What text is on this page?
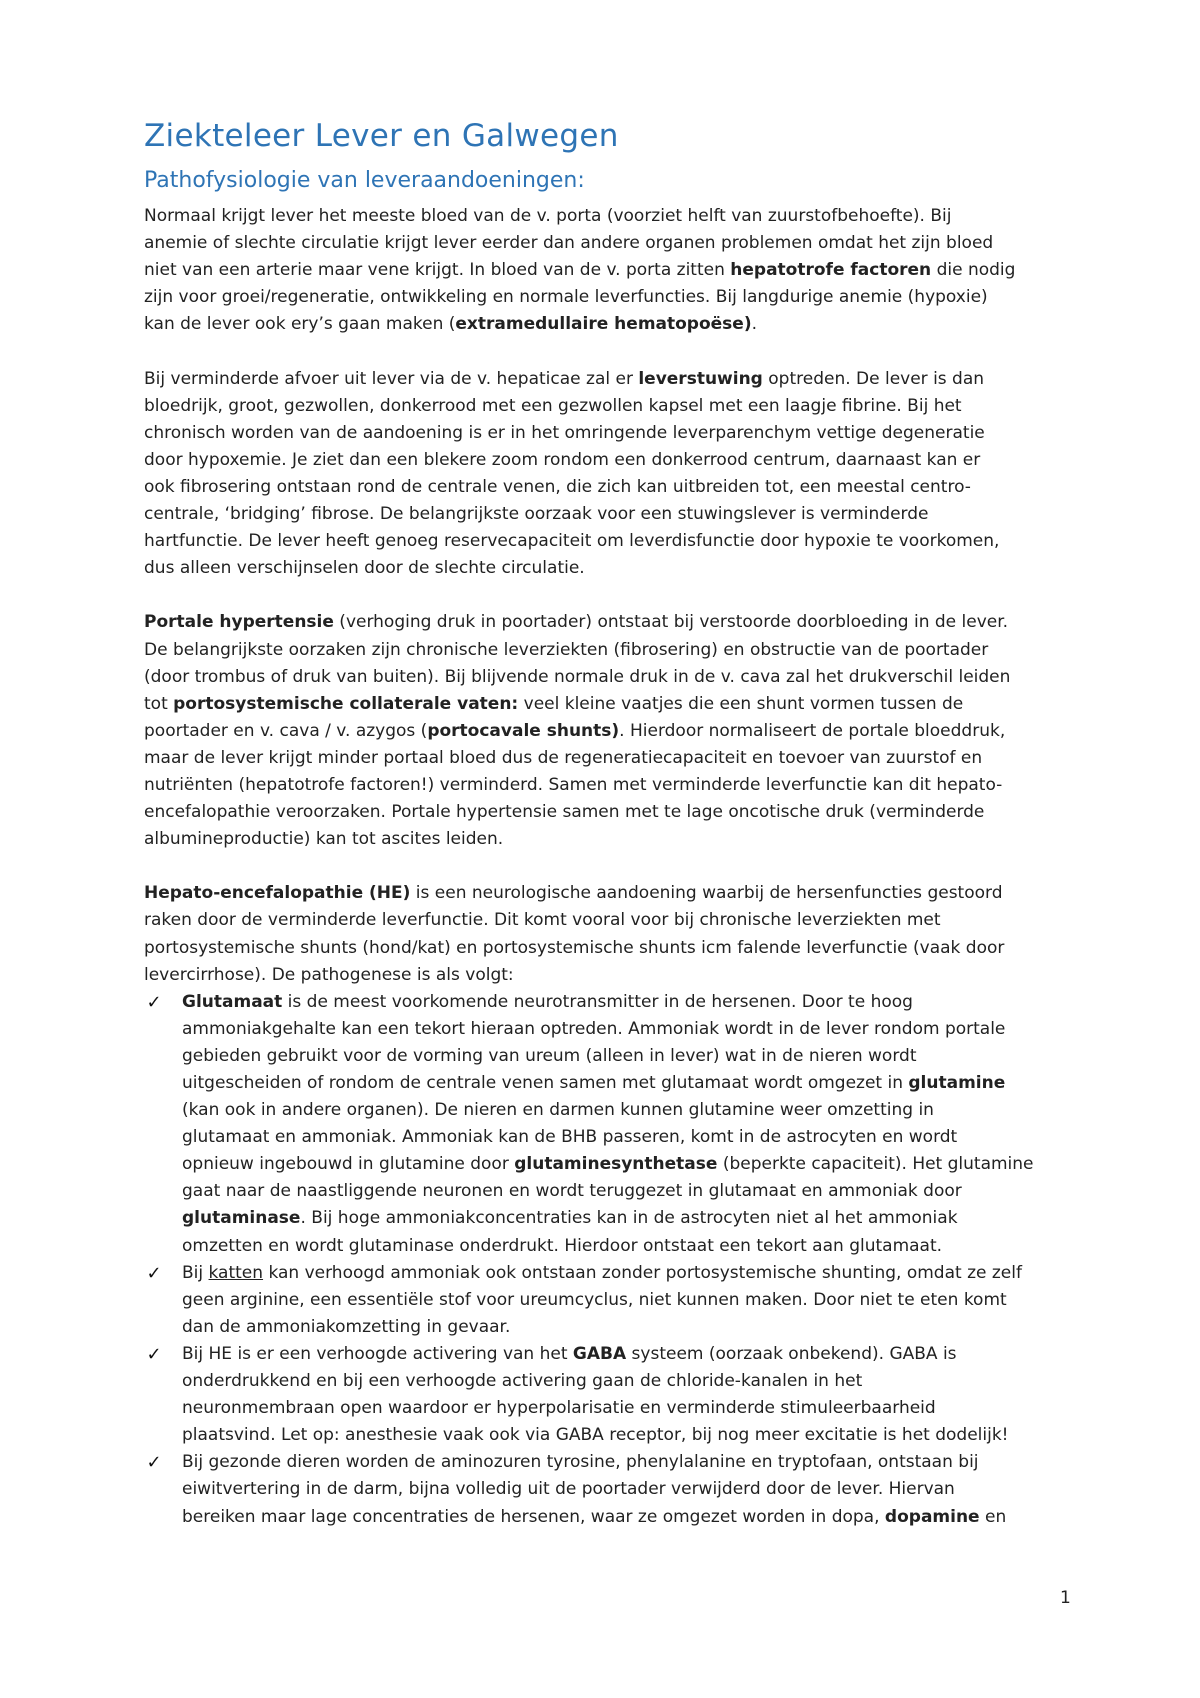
Ziekteleer Lever en Galwegen
Pathofysiologie van leveraandoeningen:

Normaal krijgt lever het meeste bloed van de v. porta (voorziet helft van zuurstofbehoefte). Bij
anemie of slechte circulatie krijgt lever eerder dan andere organen problemen omdat het zijn bloed
niet van een arterie maar vene krijgt. In bloed van de v. porta zitten hepatotrofe factoren die nodig
zijn voor groei/regeneratie, ontwikkeling en normale leverfuncties. Bij langdurige anemie (hypoxie)
kan de lever ook ery’s gaan maken (extramedullaire hematopoëse).

Bij verminderde afvoer uit lever via de v. hepaticae zal er leverstuwing optreden. De lever is dan
bloedrijk, groot, gezwollen, donkerrood met een gezwollen kapsel met een laagje fibrine. Bij het
chronisch worden van de aandoening is er in het omringende leverparenchym vettige degeneratie
door hypoxemie. Je ziet dan een blekere zoom rondom een donkerrood centrum, daarnaast kan er
ook fibrosering ontstaan rond de centrale venen, die zich kan uitbreiden tot, een meestal centro-
centrale, ‘bridging’ fibrose. De belangrijkste oorzaak voor een stuwingslever is verminderde
hartfunctie. De lever heeft genoeg reservecapaciteit om leverdisfunctie door hypoxie te voorkomen,
dus alleen verschijnselen door de slechte circulatie.

Portale hypertensie (verhoging druk in poortader) ontstaat bij verstoorde doorbloeding in de lever.
De belangrijkste oorzaken zijn chronische leverziekten (fibrosering) en obstructie van de poortader
(door trombus of druk van buiten). Bij blijvende normale druk in de v. cava zal het drukverschil leiden
tot portosystemische collaterale vaten: veel kleine vaatjes die een shunt vormen tussen de
poortader en v. cava / v. azygos (portocavale shunts). Hierdoor normaliseert de portale bloeddruk,
maar de lever krijgt minder portaal bloed dus de regeneratiecapaciteit en toevoer van zuurstof en
nutriënten (hepatotrofe factoren!) verminderd. Samen met verminderde leverfunctie kan dit hepato-
encefalopathie veroorzaken. Portale hypertensie samen met te lage oncotische druk (verminderde
albumineproductie) kan tot ascites leiden.

Hepato-encefalopathie (HE) is een neurologische aandoening waarbij de hersenfuncties gestoord
raken door de verminderde leverfunctie. Dit komt vooral voor bij chronische leverziekten met
portosystemische shunts (hond/kat) en portosystemische shunts icm falende leverfunctie (vaak door
levercirrhose). De pathogenese is als volgt:

✓ Glutamaat is de meest voorkomende neurotransmitter in de hersenen. Door te hoog
ammoniakgehalte kan een tekort hieraan optreden. Ammoniak wordt in de lever rondom portale
gebieden gebruikt voor de vorming van ureum (alleen in lever) wat in de nieren wordt
uitgescheiden of rondom de centrale venen samen met glutamaat wordt omgezet in glutamine
(kan ook in andere organen). De nieren en darmen kunnen glutamine weer omzetting in
glutamaat en ammoniak. Ammoniak kan de BHB passeren, komt in de astrocyten en wordt
opnieuw ingebouwd in glutamine door glutaminesynthetase (beperkte capaciteit). Het glutamine
gaat naar de naastliggende neuronen en wordt teruggezet in glutamaat en ammoniak door
glutaminase. Bij hoge ammoniakconcentraties kan in de astrocyten niet al het ammoniak
omzetten en wordt glutaminase onderdrukt. Hierdoor ontstaat een tekort aan glutamaat.
✓ Bij katten kan verhoogd ammoniak ook ontstaan zonder portosystemische shunting, omdat ze zelf
geen arginine, een essentiële stof voor ureumcyclus, niet kunnen maken. Door niet te eten komt
dan de ammoniakomzetting in gevaar.
✓ Bij HE is er een verhoogde activering van het GABA systeem (oorzaak onbekend). GABA is
onderdrukkend en bij een verhoogde activering gaan de chloride-kanalen in het
neuronmembraan open waardoor er hyperpolarisatie en verminderde stimuleerbaarheid
plaatsvind. Let op: anesthesie vaak ook via GABA receptor, bij nog meer excitatie is het dodelijk!
✓ Bij gezonde dieren worden de aminozuren tyrosine, phenylalanine en tryptofaan, ontstaan bij
eiwitvertering in de darm, bijna volledig uit de poortader verwijderd door de lever. Hiervan
bereiken maar lage concentraties de hersenen, waar ze omgezet worden in dopa, dopamine en
1
